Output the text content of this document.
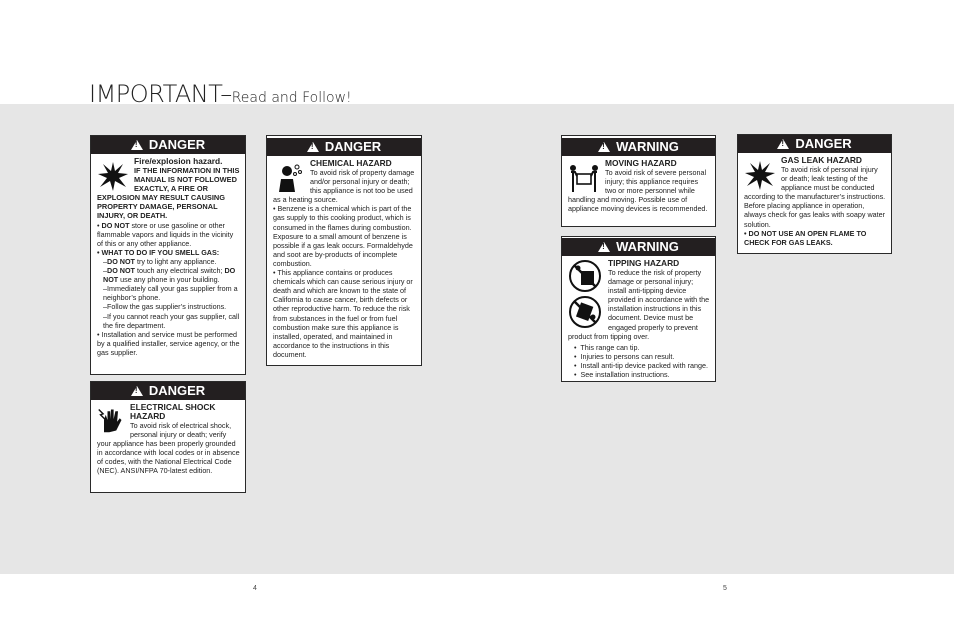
IMPORTANT–Read and Follow!
!DANGER
Fire/explosion hazard.
IF THE INFORMATION IN THIS MANUAL IS NOT FOLLOWED EXACTLY, A FIRE OR EXPLOSION MAY RESULT CAUSING PROPERTY DAMAGE, PERSONAL INJURY, OR DEATH.
• DO NOT store or use gasoline or other flammable vapors and liquids in the vicinity of this or any other appliance.
• WHAT TO DO IF YOU SMELL GAS:
–DO NOT try to light any appliance.
–DO NOT touch any electrical switch; DO NOT use any phone in your building.
–Immediately call your gas supplier from a neighbor’s phone.
–Follow the gas supplier’s instructions.
–If you cannot reach your gas supplier, call the fire department.
• Installation and service must be performed by a qualified installer, service agency, or the gas supplier.
!DANGER
ELECTRICAL SHOCK HAZARD
To avoid risk of electrical shock, personal injury or death; verify your appliance has been properly grounded in accordance with local codes or in absence of codes, with the National Electrical Code (NEC). ANSI/NFPA 70-latest edition.
!DANGER
CHEMICAL HAZARD
To avoid risk of property damage and/or personal injury or death; this appliance is not too be used as a heating source.
• Benzene is a chemical which is part of the gas supply to this cooking product, which is consumed in the flames during combustion. Exposure to a small amount of benzene is possible if a gas leak occurs. Formaldehyde and soot are by-products of incomplete combustion.
• This appliance contains or produces chemicals which can cause serious injury or death and which are known to the state of California to cause cancer, birth defects or other reproductive harm. To reduce the risk from substances in the fuel or from fuel combustion make sure this appliance is installed, operated, and maintained in accordance to the instructions in this document.
!WARNING
MOVING HAZARD
To avoid risk of severe personal injury; this appliance requires two or more personnel while handling and moving. Possible use of appliance moving devices is recommended.
!WARNING

TIPPING HAZARD
To reduce the risk of property damage or personal injury; install anti-tipping device provided in accordance with the installation instructions in this document. Device must be engaged properly to prevent product from tipping over.
•  This range can tip.
•  Injuries to persons can result.
•  Install anti-tip device packed with range.
•  See installation instructions.
!DANGER
GAS LEAK HAZARD
To avoid risk of personal injury or death; leak testing of the appliance must be conducted according to the manufacturer’s instructions. Before placing appliance in operation, always check for gas leaks with soapy water solution.
• DO NOT USE AN OPEN FLAME TO CHECK FOR GAS LEAKS.
4	5
